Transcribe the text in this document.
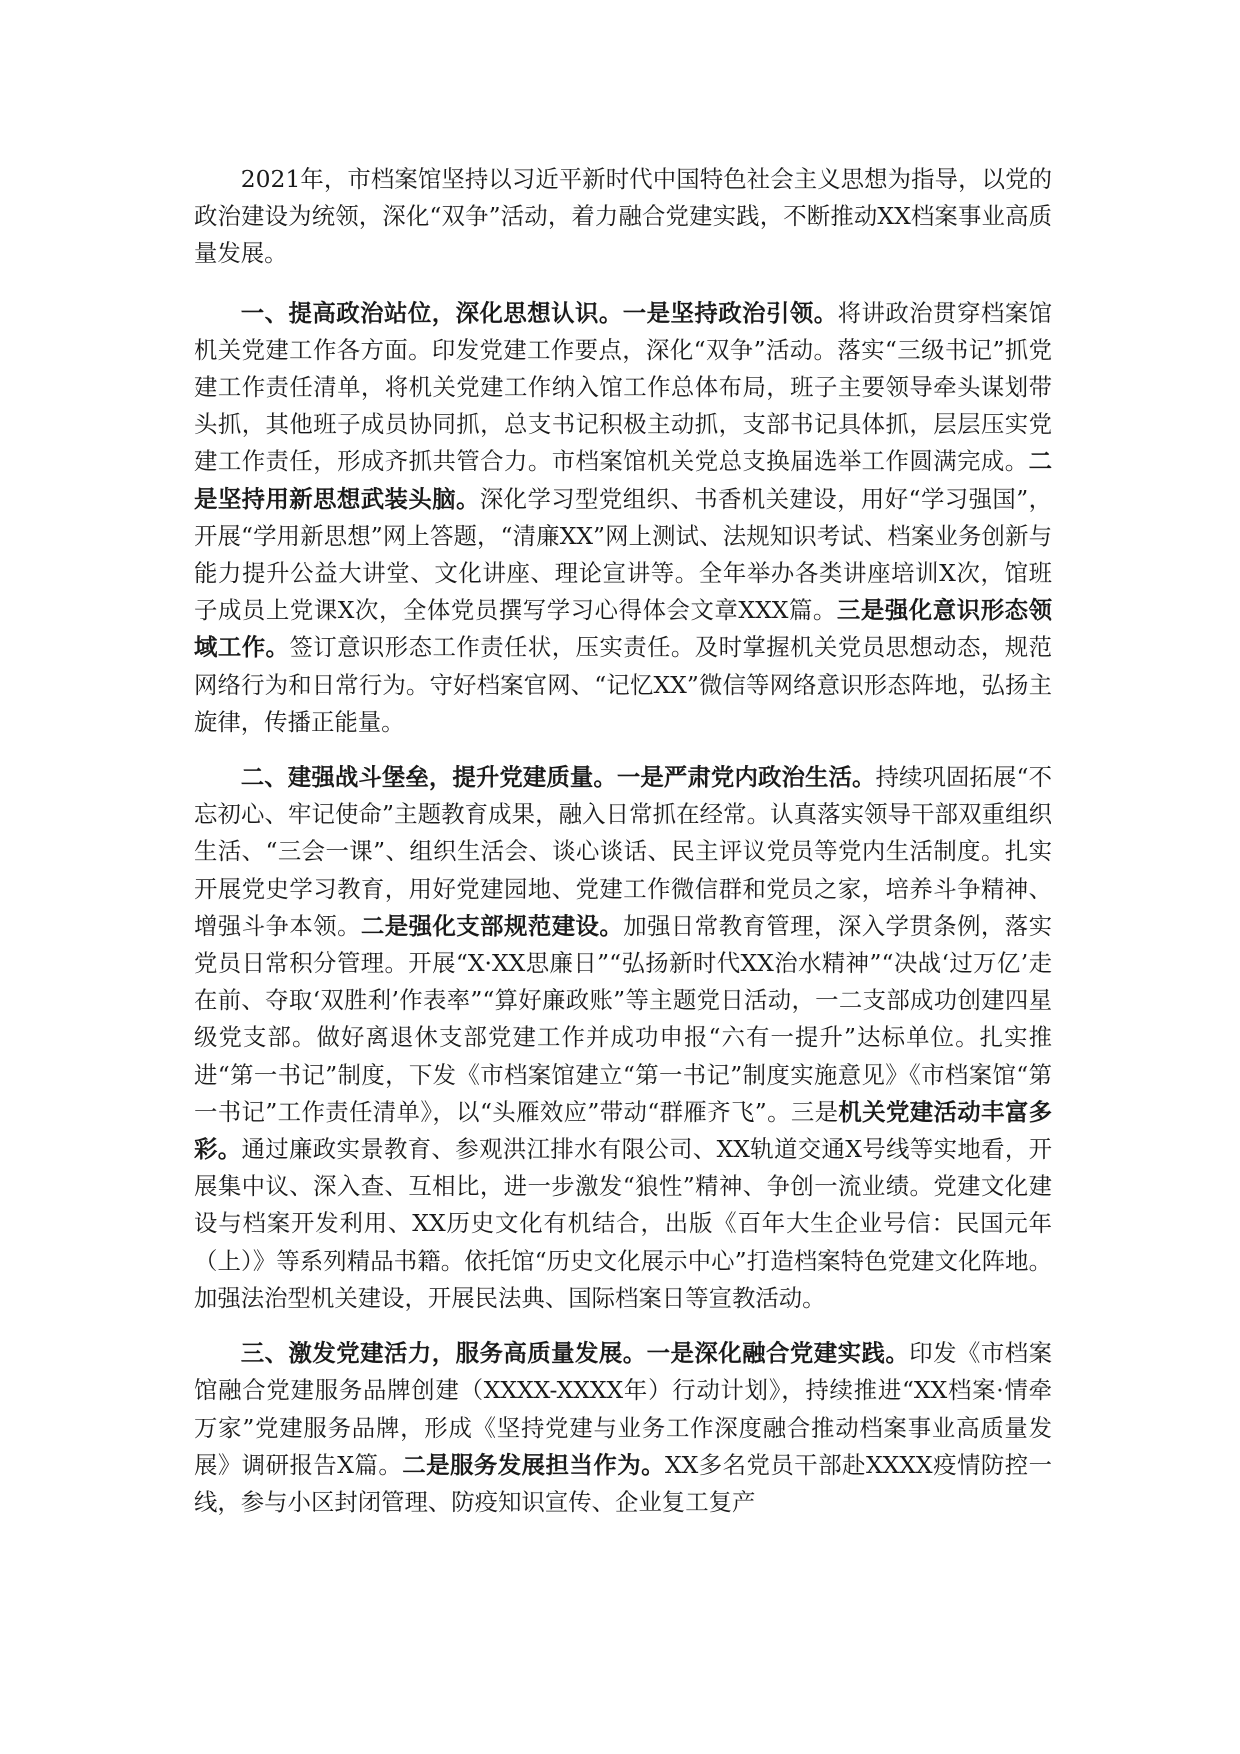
2021年，市档案馆坚持以习近平新时代中国特色社会主义思想为指导，以党的政治建设为统领，深化“双争”活动，着力融合党建实践，不断推动XX档案事业高质量发展。

一、提高政治站位，深化思想认识。一是坚持政治引领。将讲政治贯穿档案馆机关党建工作各方面。印发党建工作要点，深化“双争”活动。落实“三级书记”抓党建工作责任清单，将机关党建工作纳入馆工作总体布局，班子主要领导牵头谋划带头抓，其他班子成员协同抓，总支书记积极主动抓，支部书记具体抓，层层压实党建工作责任，形成齐抓共管合力。市档案馆机关党总支换届选举工作圆满完成。二是坚持用新思想武装头脑。深化学习型党组织、书香机关建设，用好“学习强国”，开展“学用新思想”网上答题，“清廉XX”网上测试、法规知识考试、档案业务创新与能力提升公益大讲堂、文化讲座、理论宣讲等。全年举办各类讲座培训X次，馆班子成员上党课X次，全体党员撰写学习心得体会文章XXX篇。三是强化意识形态领域工作。签订意识形态工作责任状，压实责任。及时掌握机关党员思想动态，规范网络行为和日常行为。守好档案官网、“记忆XX”微信等网络意识形态阵地，弘扬主旋律，传播正能量。

二、建强战斗堡垒，提升党建质量。一是严肃党内政治生活。持续巩固拓展“不忘初心、牢记使命”主题教育成果，融入日常抓在经常。认真落实领导干部双重组织生活、“三会一课”、组织生活会、谈心谈话、民主评议党员等党内生活制度。扎实开展党史学习教育，用好党建园地、党建工作微信群和党员之家，培养斗争精神、增强斗争本领。二是强化支部规范建设。加强日常教育管理，深入学贯条例，落实党员日常积分管理。开展“X·XX思廉日”“弘扬新时代XX治水精神”“决战‘过万亿’走在前、夺取‘双胜利’作表率”“算好廉政账”等主题党日活动，一二支部成功创建四星级党支部。做好离退休支部党建工作并成功申报“六有一提升”达标单位。扎实推进“第一书记”制度，下发《市档案馆建立“第一书记”制度实施意见》《市档案馆“第一书记”工作责任清单》，以“头雁效应”带动“群雁齐飞”。三是机关党建活动丰富多彩。通过廉政实景教育、参观洪江排水有限公司、XX轨道交通X号线等实地看，开展集中议、深入查、互相比，进一步激发“狼性”精神、争创一流业绩。党建文化建设与档案开发利用、XX历史文化有机结合，出版《百年大生企业号信：民国元年（上）》等系列精品书籍。依托馆“历史文化展示中心”打造档案特色党建文化阵地。加强法治型机关建设，开展民法典、国际档案日等宣教活动。

三、激发党建活力，服务高质量发展。一是深化融合党建实践。印发《市档案馆融合党建服务品牌创建（XXXX-XXXX年）行动计划》，持续推进“XX档案·情牵万家”党建服务品牌，形成《坚持党建与业务工作深度融合推动档案事业高质量发展》调研报告X篇。二是服务发展担当作为。XX多名党员干部赴XXXX疫情防控一线，参与小区封闭管理、防疫知识宣传、企业复工复产
